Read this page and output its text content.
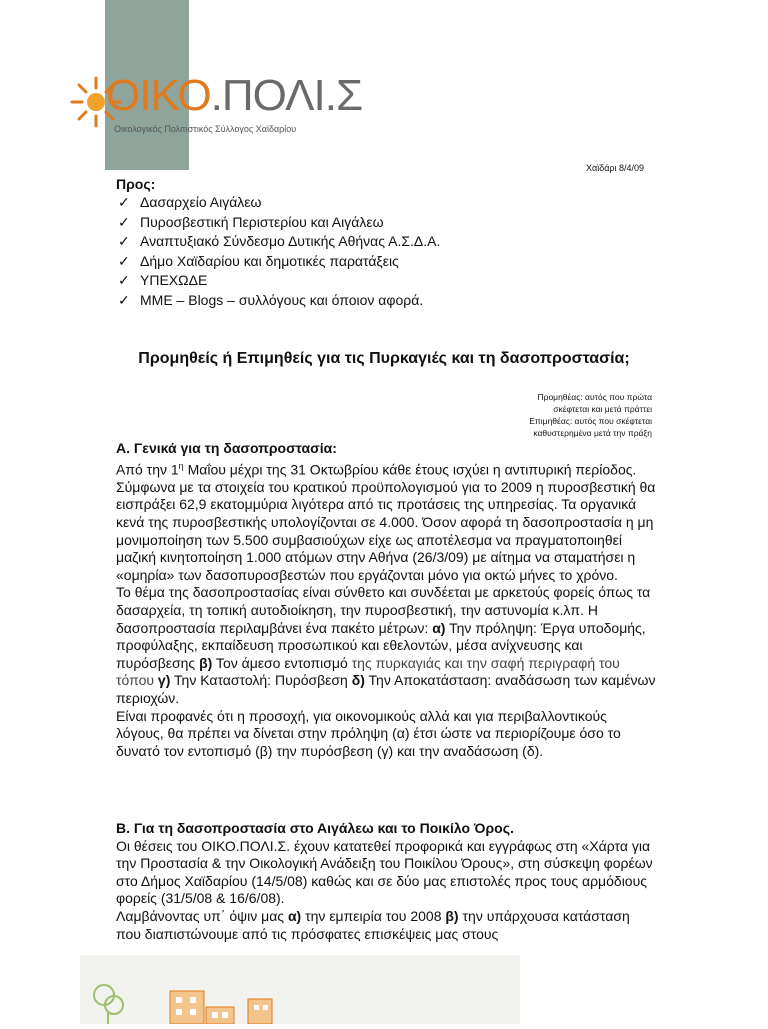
ΟΙΚΟ.ΠΟΛΙ.Σ
Οικολογικός Πολιτιστικός Σύλλογος Χαϊδαρίου
Χαϊδάρι 8/4/09
Προς:
✓ Δασαρχείο Αιγάλεω
✓ Πυροσβεστική Περιστερίου και Αιγάλεω
✓ Αναπτυξιακό Σύνδεσμο Δυτικής Αθήνας Α.Σ.Δ.Α.
✓ Δήμο Χαϊδαρίου και δημοτικές παρατάξεις
✓ ΥΠΕΧΩΔΕ
✓ ΜΜΕ – Blogs – συλλόγους και όποιον αφορά.
Προμηθείς ή Επιμηθείς για τις Πυρκαγιές και τη δασοπροστασία;
Προμηθέας: αυτός που πρώτα
σκέφτεται και μετά πράττει
Επιμηθέας: αυτός που σκέφτεται
καθυστερημένα μετά την πράξη

Α. Γενικά για τη δασοπροστασία:

Από την $1^\eta$ Μαΐου μέχρι της 31 Οκτωβρίου κάθε έτους ισχύει η αντιπυρική περίοδος. Σύμφωνα με τα στοιχεία του κρατικού προϋπολογισμού για το 2009 η πυροσβεστική θα εισπράξει 62,9 εκατομμύρια λιγότερα από τις προτάσεις της υπηρεσίας. Τα οργανικά κενά της πυροσβεστικής υπολογίζονται σε 4.000. Όσον αφορά τη δασοπροστασία η μη μονιμοποίηση των 5.500 συμβασιούχων είχε ως αποτέλεσμα να πραγματοποιηθεί μαζική κινητοποίηση 1.000 ατόμων στην Αθήνα (26/3/09) με αίτημα να σταματήσει η «ομηρία» των δασοπυροσβεστών που εργάζονται μόνο για οκτώ μήνες το χρόνο.

Το θέμα της δασοπροστασίας είναι σύνθετο και συνδέεται με αρκετούς φορείς όπως τα δασαρχεία, τη τοπική αυτοδιοίκηση, την πυροσβεστική, την αστυνομία κ.λπ. Η δασοπροστασία περιλαμβάνει ένα πακέτο μέτρων: α) Την πρόληψη: Έργα υποδομής, προφύλαξης, εκπαίδευση προσωπικού και εθελοντών, μέσα ανίχνευσης και πυρόσβεσης β) Τον άμεσο εντοπισμό της πυρκαγιάς και την σαφή περιγραφή του τόπου γ) Την Καταστολή: Πυρόσβεση δ) Την Αποκατάσταση: αναδάσωση των καμένων περιοχών.

Είναι προφανές ότι η προσοχή, για οικονομικούς αλλά και για περιβαλλοντικούς λόγους, θα πρέπει να δίνεται στην πρόληψη (α) έτσι ώστε να περιορίζουμε όσο το δυνατό τον εντοπισμό (β) την πυρόσβεση (γ) και την αναδάσωση (δ).

Β. Για τη δασοπροστασία στο Αιγάλεω και το Ποικίλο Όρος.

Οι θέσεις του ΟΙΚΟ.ΠΟΛΙ.Σ. έχουν κατατεθεί προφορικά και εγγράφως στη «Χάρτα για την Προστασία & την Οικολογική Ανάδειξη του Ποικίλου Όρους», στη σύσκεψη φορέων στο Δήμος Χαϊδαρίου (14/5/08) καθώς και σε δύο μας επιστολές προς τους αρμόδιους φορείς (31/5/08 & 16/6/08).

Λαμβάνοντας υπ΄ όψιν μας α) την εμπειρία του 2008 β) την υπάρχουσα κατάσταση που διαπιστώνουμε από τις πρόσφατες επισκέψεις μας στους
